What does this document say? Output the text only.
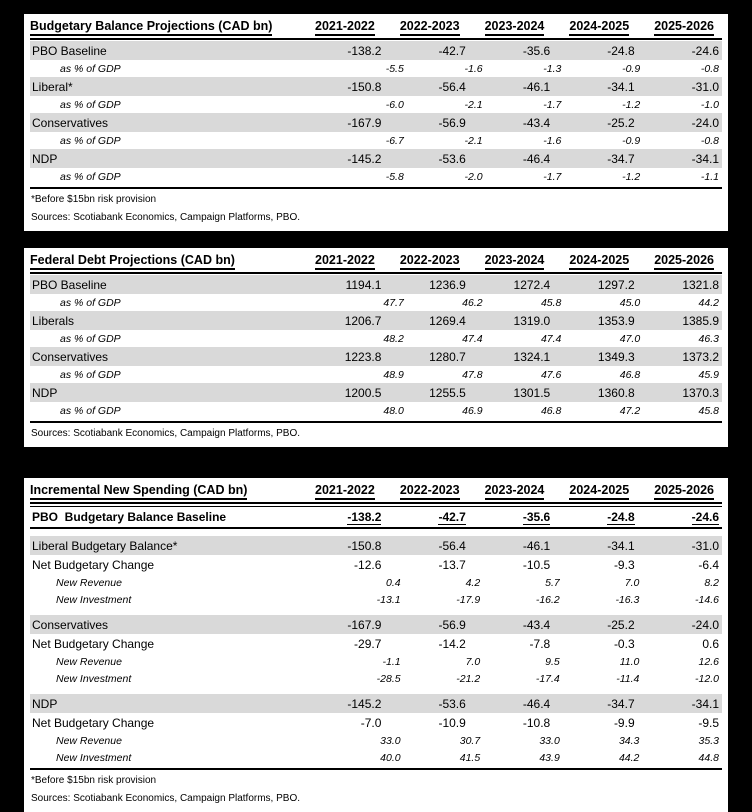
Budgetary Balance Projections (CAD bn)	2021-2022	2022-2023	2023-2024	2024-2025	2025-2026
PBO Baseline	-138.2	-42.7	-35.6	-24.8	-24.6
as % of GDP	-5.5	-1.6	-1.3	-0.9	-0.8
Liberal*	-150.8	-56.4	-46.1	-34.1	-31.0
as % of GDP	-6.0	-2.1	-1.7	-1.2	-1.0
Conservatives	-167.9	-56.9	-43.4	-25.2	-24.0
as % of GDP	-6.7	-2.1	-1.6	-0.9	-0.8
NDP	-145.2	-53.6	-46.4	-34.7	-34.1
as % of GDP	-5.8	-2.0	-1.7	-1.2	-1.1
*Before $15bn risk provision
Sources: Scotiabank Economics, Campaign Platforms, PBO.
Federal Debt Projections (CAD bn)	2021-2022	2022-2023	2023-2024	2024-2025	2025-2026
PBO Baseline	1194.1	1236.9	1272.4	1297.2	1321.8
as % of GDP	47.7	46.2	45.8	45.0	44.2
Liberals	1206.7	1269.4	1319.0	1353.9	1385.9
as % of GDP	48.2	47.4	47.4	47.0	46.3
Conservatives	1223.8	1280.7	1324.1	1349.3	1373.2
as % of GDP	48.9	47.8	47.6	46.8	45.9
NDP	1200.5	1255.5	1301.5	1360.8	1370.3
as % of GDP	48.0	46.9	46.8	47.2	45.8
Sources: Scotiabank Economics, Campaign Platforms, PBO.
Incremental New Spending (CAD bn)	2021-2022	2022-2023	2023-2024	2024-2025	2025-2026
PBO  Budgetary Balance Baseline	-138.2	-42.7	-35.6	-24.8	-24.6
Liberal Budgetary Balance*	-150.8	-56.4	-46.1	-34.1	-31.0
Net Budgetary Change	-12.6	-13.7	-10.5	-9.3	-6.4
New Revenue	0.4	4.2	5.7	7.0	8.2
New Investment	-13.1	-17.9	-16.2	-16.3	-14.6
Conservatives	-167.9	-56.9	-43.4	-25.2	-24.0
Net Budgetary Change	-29.7	-14.2	-7.8	-0.3	0.6
New Revenue	-1.1	7.0	9.5	11.0	12.6
New Investment	-28.5	-21.2	-17.4	-11.4	-12.0
NDP	-145.2	-53.6	-46.4	-34.7	-34.1
Net Budgetary Change	-7.0	-10.9	-10.8	-9.9	-9.5
New Revenue	33.0	30.7	33.0	34.3	35.3
New Investment	40.0	41.5	43.9	44.2	44.8
*Before $15bn risk provision
Sources: Scotiabank Economics, Campaign Platforms, PBO.
